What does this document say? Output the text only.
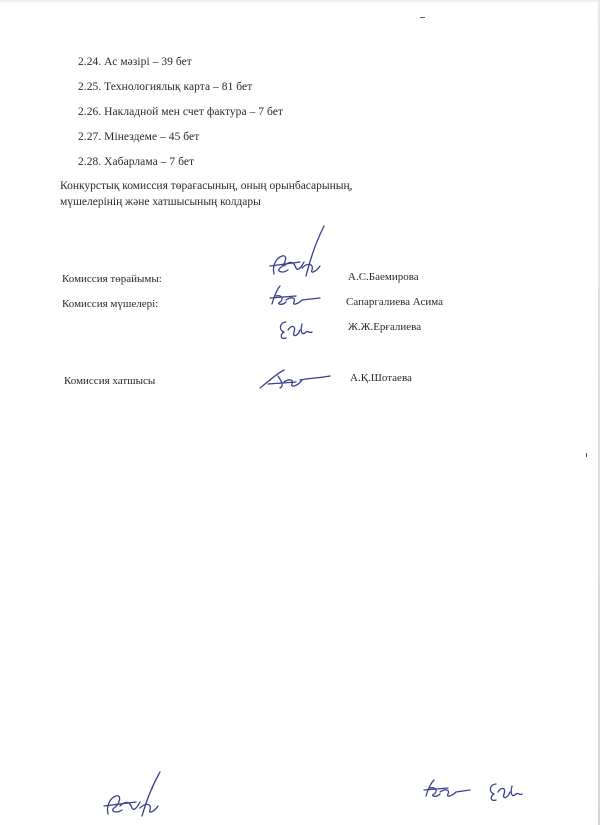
2.24. Ас мәзірі – 39 бет
2.25. Технологиялық карта – 81 бет
2.26. Накладной мен счет фактура – 7 бет
2.27. Мінездеме – 45 бет
2.28. Хабарлама – 7 бет
Конкурстық комиссия төрағасының, оның орынбасарының,
мүшелерінің және хатшысының колдары
Комиссия төрайымы:	А.С.Баемирова
Комиссия мүшелері:	Сапаргалиева Асима
Ж.Ж.Ерғалиева
Комиссия хатшысы	А.Қ.Шотаева
